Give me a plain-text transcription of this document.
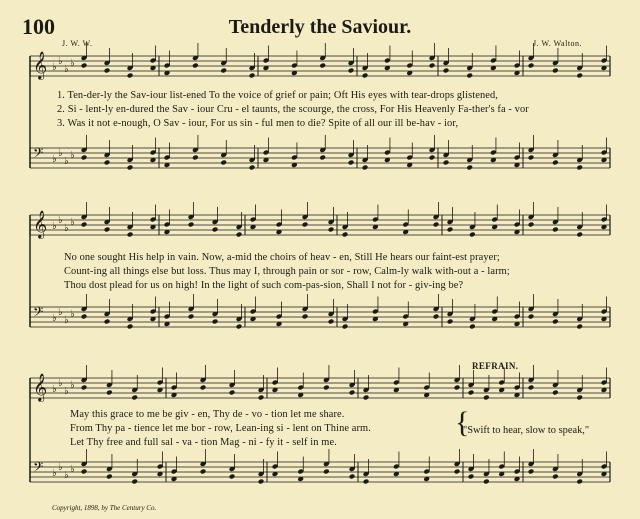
100	Tenderly the Saviour.
J. W. W.	J. W. Walton.
𝄞 ♭
♭
♭
♭
𝄢 ♭
♭
♭
♭
𝄞 ♭
♭
♭
♭
𝄢 ♭
♭
♭
♭
𝄞 ♭
♭
♭
♭
𝄢 ♭
♭
♭
♭
1. Ten-der-ly the Sav-iour list-ened To the voice of grief or pain; Oft His eyes with tear-drops glistened,
2. Si - lent-ly en-dured the Sav - iour Cru - el taunts, the scourge, the cross, For His Heavenly Fa-ther's fa - vor
3. Was it not e-nough, O Sav - iour, For us sin - ful men to die? Spite of all our ill be-hav - ior,
No one sought His help in vain. Now, a-mid the choirs of heav - en, Still He hears our faint-est prayer;
Count-ing all things else but loss. Thus may I, through pain or sor - row, Calm-ly walk with-out a - larm;
Thou dost plead for us on high! In the light of such com-pas-sion, Shall I not for - giv-ing be?
REFRAIN.
May this grace to me be giv - en, Thy de - vo - tion let me share.
From Thy pa - tience let me bor - row, Lean-ing si - lent on Thine arm.
Let Thy free and full sal - va - tion Mag - ni - fy it - self in me.
{
"Swift to hear, slow to speak,"
Copyright, 1898, by The Century Co.
